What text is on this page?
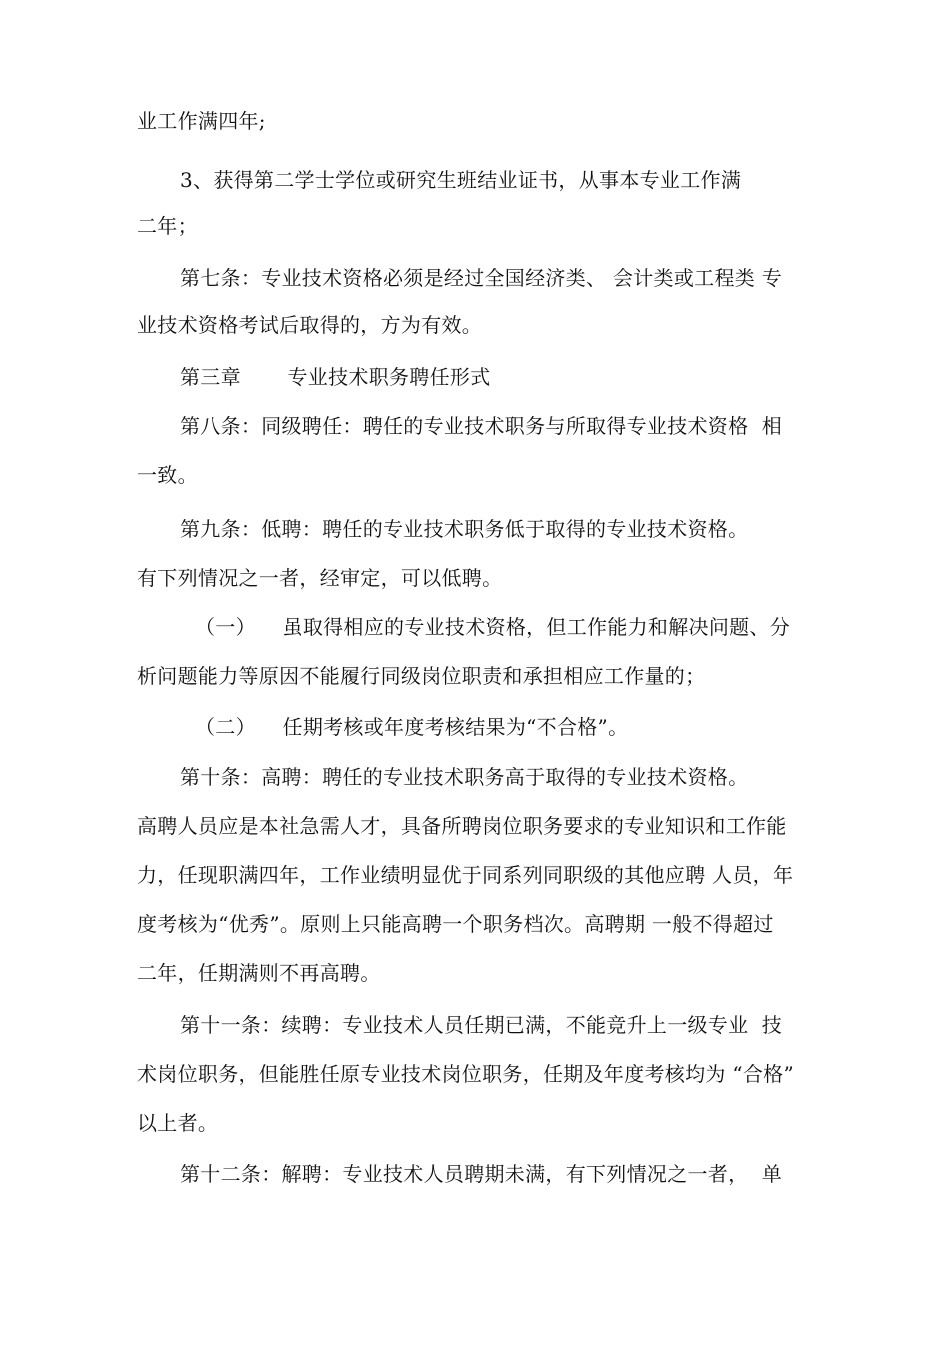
业工作满四年;
3、获得第二学士学位或研究生班结业证书，从事本专业工作满
二年；
第七条：专业技术资格必须是经过全国经济类、 会计类或工程类 专
业技术资格考试后取得的，方为有效。
第三章       专业技术职务聘任形式
第八条：同级聘任：聘任的专业技术职务与所取得专业技术资格  相
一致。
第九条：低聘：聘任的专业技术职务低于取得的专业技术资格。
有下列情况之一者，经审定，可以低聘。
（一）    虽取得相应的专业技术资格，但工作能力和解决问题、分
析问题能力等原因不能履行同级岗位职责和承担相应工作量的；
（二）    任期考核或年度考核结果为“不合格”。
第十条：高聘：聘任的专业技术职务高于取得的专业技术资格。
高聘人员应是本社急需人才，具备所聘岗位职务要求的专业知识和工作能
力，任现职满四年，工作业绩明显优于同系列同职级的其他应聘 人员，年
度考核为“优秀”。原则上只能高聘一个职务档次。高聘期 一般不得超过
二年，任期满则不再高聘。
第十一条：续聘：专业技术人员任期已满，不能竞升上一级专业  技
术岗位职务，但能胜任原专业技术岗位职务，任期及年度考核均为 “合格”
以上者。
第十二条：解聘：专业技术人员聘期未满，有下列情况之一者，  单
